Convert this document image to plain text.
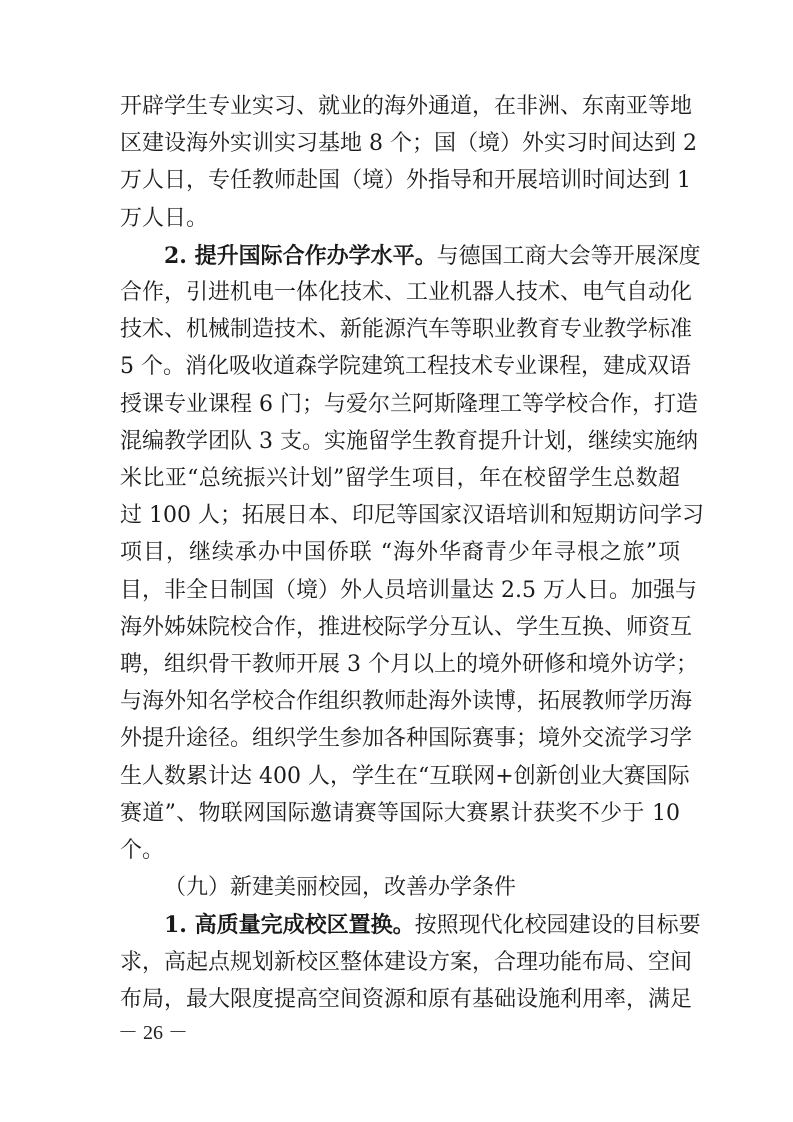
开辟学生专业实习、就业的海外通道，在非洲、东南亚等地
区建设海外实训实习基地 8 个；国（境）外实习时间达到 2
万人日，专任教师赴国（境）外指导和开展培训时间达到 1
万人日。
2. 提升国际合作办学水平。与德国工商大会等开展深度
合作，引进机电一体化技术、工业机器人技术、电气自动化
技术、机械制造技术、新能源汽车等职业教育专业教学标准
5 个。消化吸收道森学院建筑工程技术专业课程，建成双语
授课专业课程 6 门；与爱尔兰阿斯隆理工等学校合作，打造
混编教学团队 3 支。实施留学生教育提升计划，继续实施纳
米比亚“总统振兴计划”留学生项目，年在校留学生总数超
过 100 人；拓展日本、印尼等国家汉语培训和短期访问学习
项目，继续承办中国侨联 “海外华裔青少年寻根之旅”项
目，非全日制国（境）外人员培训量达 2.5 万人日。加强与
海外姊妹院校合作，推进校际学分互认、学生互换、师资互
聘，组织骨干教师开展 3 个月以上的境外研修和境外访学；
与海外知名学校合作组织教师赴海外读博，拓展教师学历海
外提升途径。组织学生参加各种国际赛事；境外交流学习学
生人数累计达 400 人，学生在“互联网+创新创业大赛国际
赛道”、物联网国际邀请赛等国际大赛累计获奖不少于 10
个。
（九）新建美丽校园，改善办学条件
1. 高质量完成校区置换。按照现代化校园建设的目标要
求，高起点规划新校区整体建设方案，合理功能布局、空间
布局，最大限度提高空间资源和原有基础设施利用率，满足
－ 26 －
